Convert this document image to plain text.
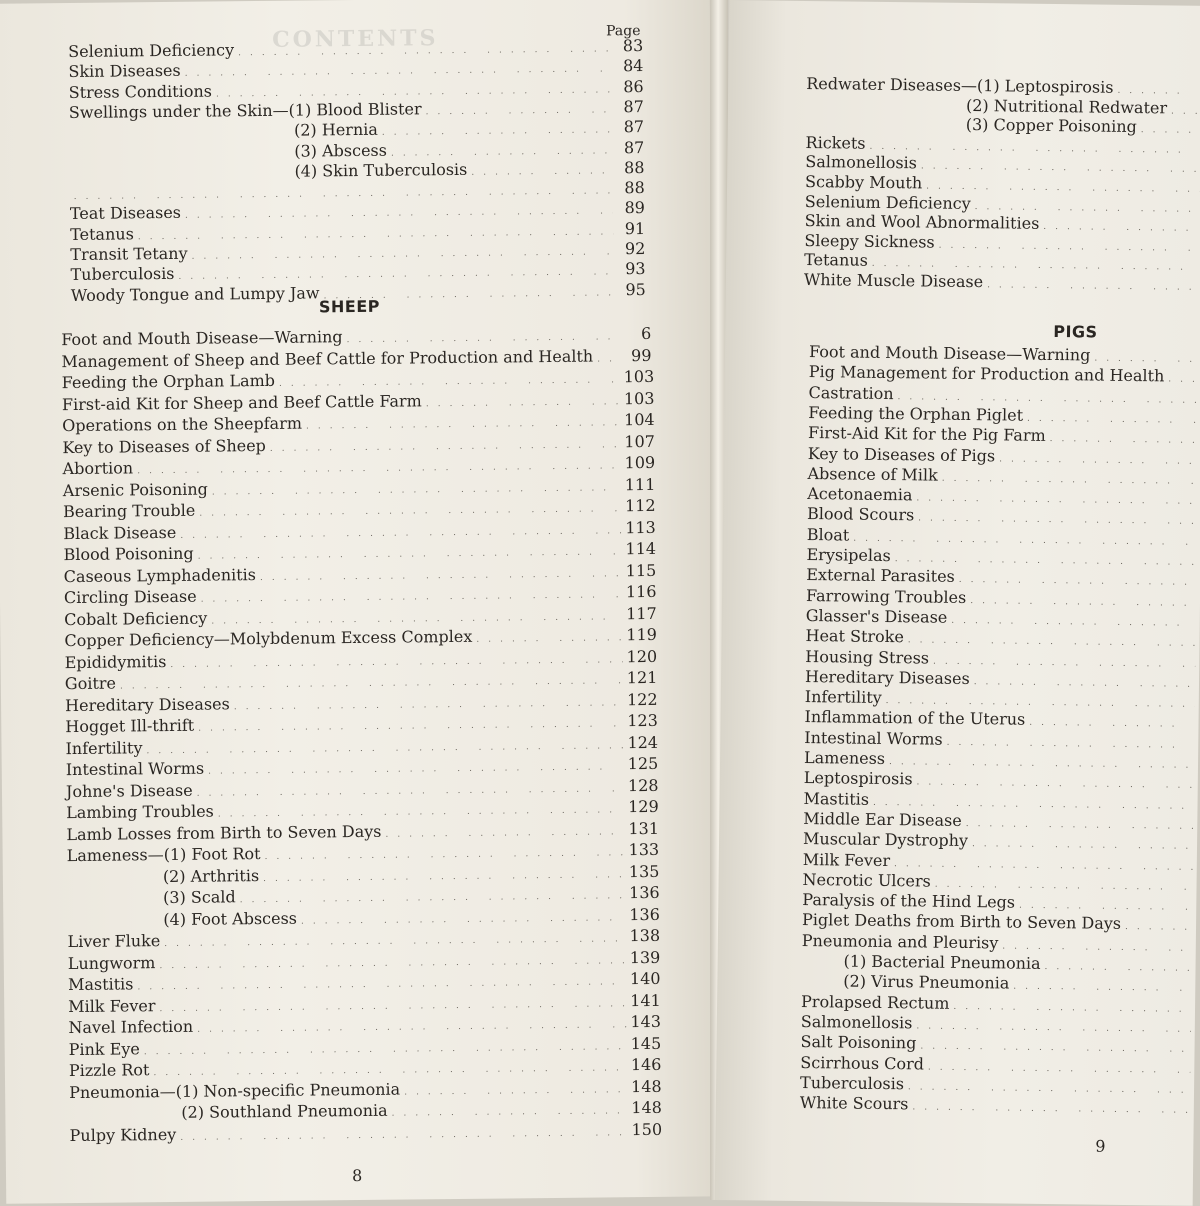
CONTENTS	Page
Selenium Deficiency .....	83
Skin Diseases .....	84
Stress Conditions .....	86
Swellings under the Skin—(1) Blood Blister .....	87
(2) Hernia .....	87
(3) Abscess .....	87
(4) Skin Tuberculosis .....	88
.....
88
Teat Diseases .....	89
Tetanus .....	91
Transit Tetany .....	92
Tuberculosis .....	93
Woody Tongue and Lumpy Jaw .....	95
SHEEP
Foot and Mouth Disease—Warning .....	6
Management of Sheep and Beef Cattle for Production and Health .....	99
Feeding the Orphan Lamb .....	103
First-aid Kit for Sheep and Beef Cattle Farm .....	103
Operations on the Sheepfarm .....	104
Key to Diseases of Sheep .....	107
Abortion .....	109
Arsenic Poisoning .....	111
Bearing Trouble .....	112
Black Disease .....	113
Blood Poisoning .....	114
Caseous Lymphadenitis .....	115
Circling Disease .....	116
Cobalt Deficiency .....	117
Copper Deficiency—Molybdenum Excess Complex .....	119
Epididymitis .....	120
Goitre .....	121
Hereditary Diseases .....	122
Hogget Ill-thrift .....	123
Infertility .....	124
Intestinal Worms .....	125
Johne's Disease .....	128
Lambing Troubles .....	129
Lamb Losses from Birth to Seven Days .....	131
Lameness—(1) Foot Rot .....	133
(2) Arthritis .....	135
(3) Scald .....	136
(4) Foot Abscess .....	136
Liver Fluke .....	138
Lungworm .....	139
Mastitis .....	140
Milk Fever .....	141
Navel Infection .....	143
Pink Eye .....	145
Pizzle Rot .....	146
Pneumonia—(1) Non-specific Pneumonia .....	148
(2) Southland Pneumonia .....	148
Pulpy Kidney .....	150
8
Redwater Diseases—(1) Leptospirosis
.....
(2) Nutritional Redwater
.....
(3) Copper Poisoning
.....
Rickets
.....
Salmonellosis
.....
Scabby Mouth
.....
Selenium Deficiency
.....
Skin and Wool Abnormalities
.....
Sleepy Sickness
.....
Tetanus
.....
White Muscle Disease
.....
PIGS
Foot and Mouth Disease—Warning
.....
Pig Management for Production and Health
.....
Castration
.....
Feeding the Orphan Piglet
.....
First-Aid Kit for the Pig Farm
.....
Key to Diseases of Pigs
.....
Absence of Milk
.....
Acetonaemia
.....
Blood Scours
.....
Bloat
.....
Erysipelas
.....
External Parasites
.....
Farrowing Troubles
.....
Glasser's Disease
.....
Heat Stroke
.....
Housing Stress
.....
Hereditary Diseases
.....
Infertility
.....
Inflammation of the Uterus
.....
Intestinal Worms
.....
Lameness
.....
Leptospirosis
.....
Mastitis
.....
Middle Ear Disease
.....
Muscular Dystrophy
.....
Milk Fever
.....
Necrotic Ulcers
.....
Paralysis of the Hind Legs
.....
Piglet Deaths from Birth to Seven Days
.....
Pneumonia and Pleurisy
.....
(1) Bacterial Pneumonia
.....
(2) Virus Pneumonia
.....
Prolapsed Rectum
.....
Salmonellosis
.....
Salt Poisoning
.....
Scirrhous Cord
.....
Tuberculosis
.....
White Scours
.....
9
